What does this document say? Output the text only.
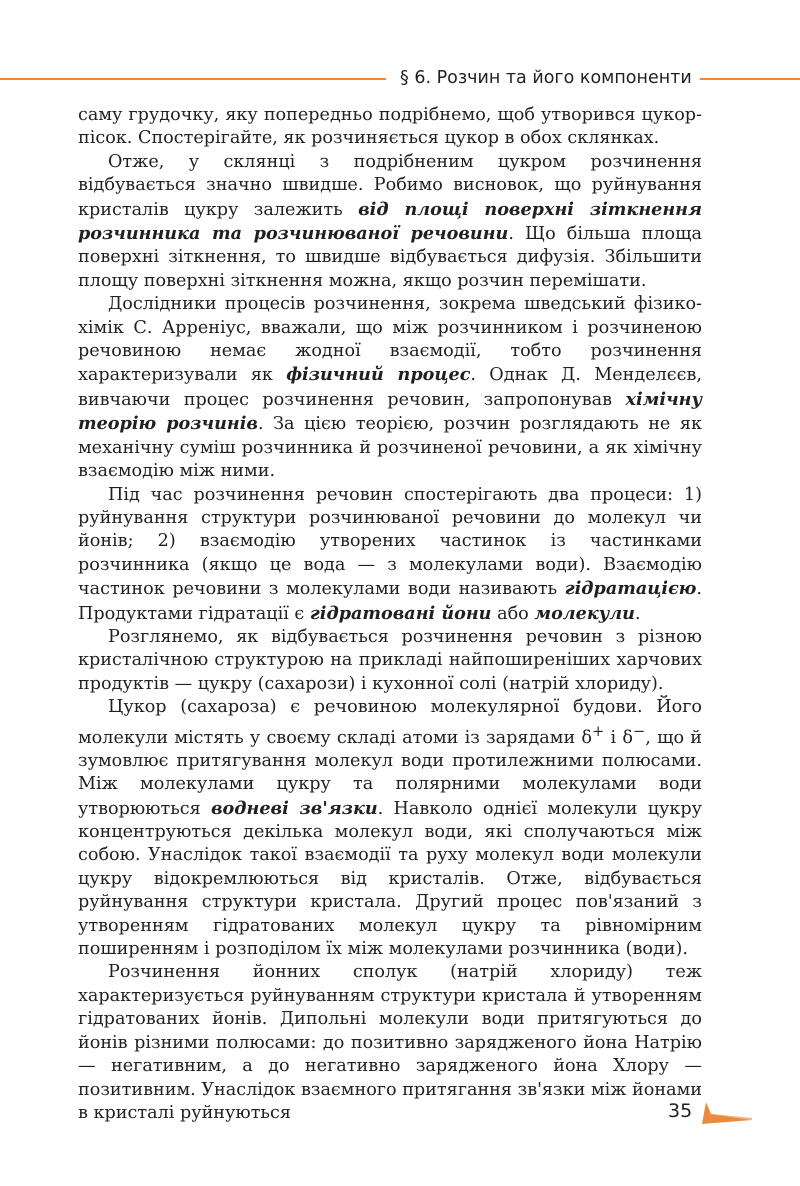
§ 6. Розчин та його компоненти

саму грудочку, яку попередньо подрібнемо, щоб утворився цукор-пісок. Спостерігайте, як розчиняється цукор в обох склянках.

Отже, у склянці з подрібненим цукром розчинення відбувається значно швидше. Робимо висновок, що руйнування кристалів цукру залежить від площі поверхні зіткнення розчинника та розчинюваної речовини. Що більша площа поверхні зіткнення, то швидше відбувається дифузія. Збільшити площу поверхні зіткнення можна, якщо розчин перемішати.

Дослідники процесів розчинення, зокрема шведський фізико-хімік С. Арреніус, вважали, що між розчинником і розчиненою речовиною немає жодної взаємодії, тобто розчинення характеризували як фізичний процес. Однак Д. Менделєєв, вивчаючи процес розчинення речовин, запропонував хімічну теорію розчинів. За цією теорією, розчин розглядають не як механічну суміш розчинника й розчиненої речовини, а як хімічну взаємодію між ними.

Під час розчинення речовин спостерігають два процеси: 1) руйнування структури розчинюваної речовини до молекул чи йонів; 2) взаємодію утворених частинок із частинками розчинника (якщо це вода — з молекулами води). Взаємодію частинок речовини з молекулами води називають гідратацією. Продуктами гідратації є гідратовані йони або молекули.

Розглянемо, як відбувається розчинення речовин з різною кристалічною структурою на прикладі найпоширеніших харчових продуктів — цукру (сахарози) і кухонної солі (натрій хлориду).

Цукор (сахароза) є речовиною молекулярної будови. Його молекули містять у своєму складі атоми із зарядами δ+ і δ−, що й зумовлює притягування молекул води протилежними полюсами. Між молекулами цукру та полярними молекулами води утворюються водневі зв'язки. Навколо однієї молекули цукру концентруються декілька молекул води, які сполучаються між собою. Унаслідок такої взаємодії та руху молекул води молекули цукру відокремлюються від кристалів. Отже, відбувається руйнування структури кристала. Другий процес пов'язаний з утворенням гідратованих молекул цукру та рівномірним поширенням і розподілом їх між молекулами розчинника (води).

Розчинення йонних сполук (натрій хлориду) теж характеризується руйнуванням структури кристала й утворенням гідратованих йонів. Дипольні молекули води притягуються до йонів різними полюсами: до позитивно зарядженого йона Натрію — негативним, а до негативно зарядженого йона Хлору — позитивним. Унаслідок взаємного притягання зв'язки між йонами в кристалі руйнуються	35
